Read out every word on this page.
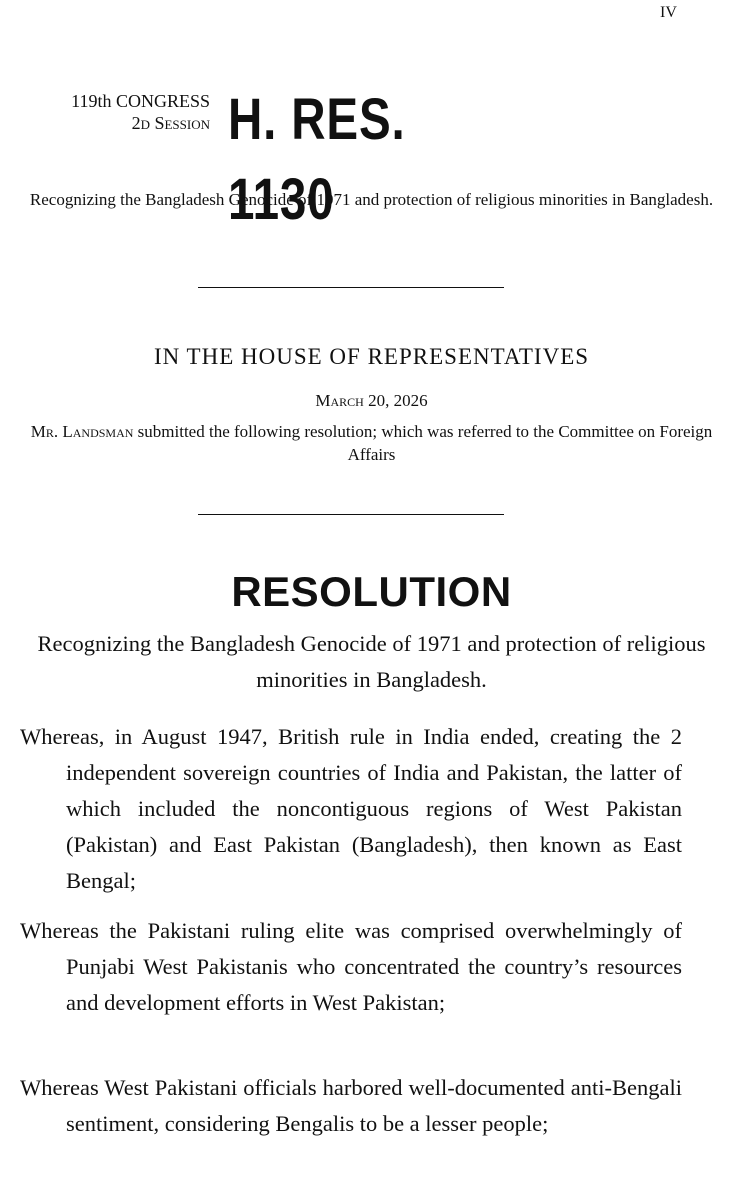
IV
119th CONGRESS
2d Session H. RES. 1130
Recognizing the Bangladesh Genocide of 1971 and protection of religious minorities in Bangladesh.
IN THE HOUSE OF REPRESENTATIVES
March 20, 2026
Mr. Landsman submitted the following resolution; which was referred to the Committee on Foreign Affairs
RESOLUTION
Recognizing the Bangladesh Genocide of 1971 and protection of religious minorities in Bangladesh.

Whereas, in August 1947, British rule in India ended, creating the 2 independent sovereign countries of India and Pakistan, the latter of which included the noncontiguous regions of West Pakistan (Pakistan) and East Pakistan (Bangladesh), then known as East Bengal;

Whereas the Pakistani ruling elite was comprised overwhelmingly of Punjabi West Pakistanis who concentrated the country’s resources and development efforts in West Pakistan;

Whereas West Pakistani officials harbored well-documented anti-Bengali sentiment, considering Bengalis to be a lesser people;
